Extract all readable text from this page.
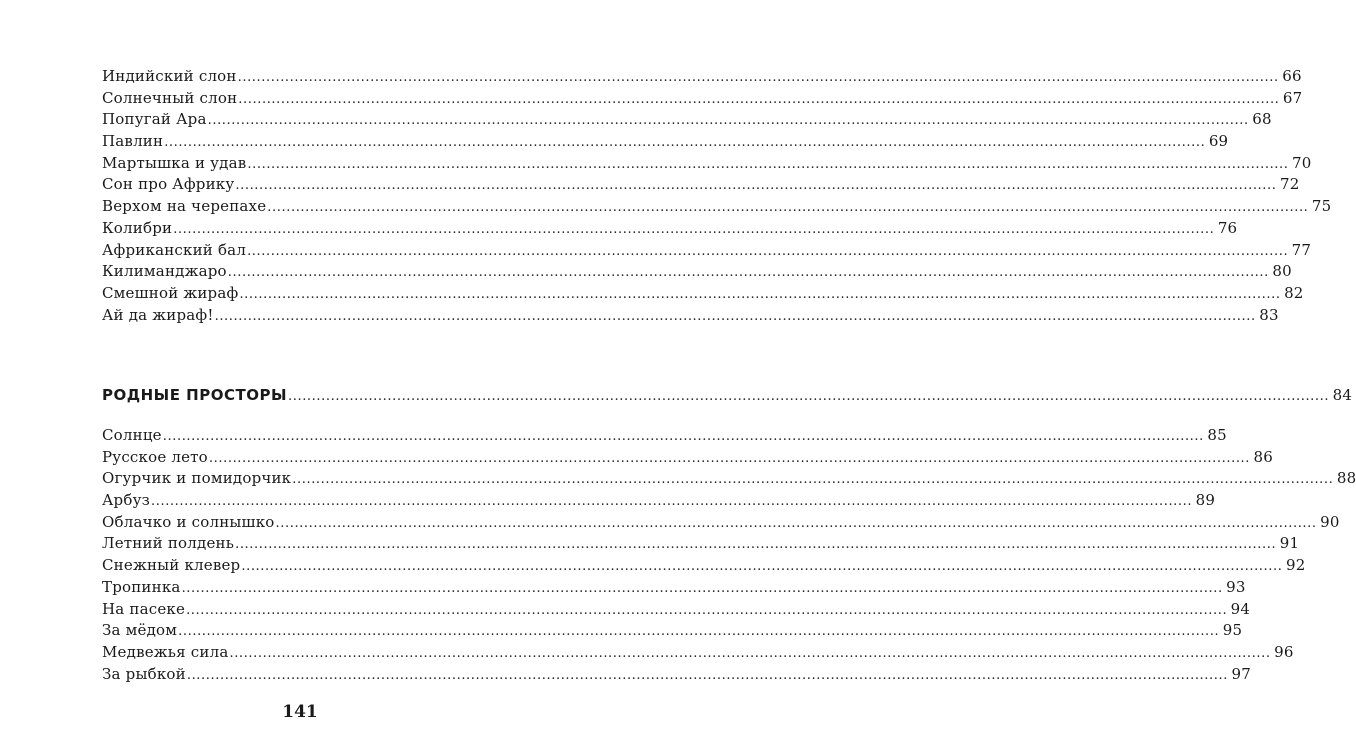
Индийский слон ............................................................................................................................................................................................................................ 66
Солнечный слон ............................................................................................................................................................................................................................ 67
Попугай Ара ............................................................................................................................................................................................................................ 68
Павлин ............................................................................................................................................................................................................................ 69
Мартышка и удав ............................................................................................................................................................................................................................ 70
Сон про Африку ............................................................................................................................................................................................................................ 72
Верхом на черепахе ............................................................................................................................................................................................................................ 75
Колибри ............................................................................................................................................................................................................................ 76
Африканский бал ............................................................................................................................................................................................................................ 77
Килиманджаро ............................................................................................................................................................................................................................ 80
Смешной жираф ............................................................................................................................................................................................................................ 82
Ай да жираф! ............................................................................................................................................................................................................................ 83
РОДНЫЕ ПРОСТОРЫ ............................................................................................................................................................................................................................ 84
Солнце ............................................................................................................................................................................................................................ 85
Русское лето ............................................................................................................................................................................................................................ 86
Огурчик и помидорчик ............................................................................................................................................................................................................................ 88
Арбуз ............................................................................................................................................................................................................................ 89
Облачко и солнышко ............................................................................................................................................................................................................................ 90
Летний полдень ............................................................................................................................................................................................................................ 91
Снежный клевер ............................................................................................................................................................................................................................ 92
Тропинка ............................................................................................................................................................................................................................ 93
На пасеке ............................................................................................................................................................................................................................ 94
За мёдом ............................................................................................................................................................................................................................ 95
Медвежья сила ............................................................................................................................................................................................................................ 96
За рыбкой ............................................................................................................................................................................................................................ 97
141
